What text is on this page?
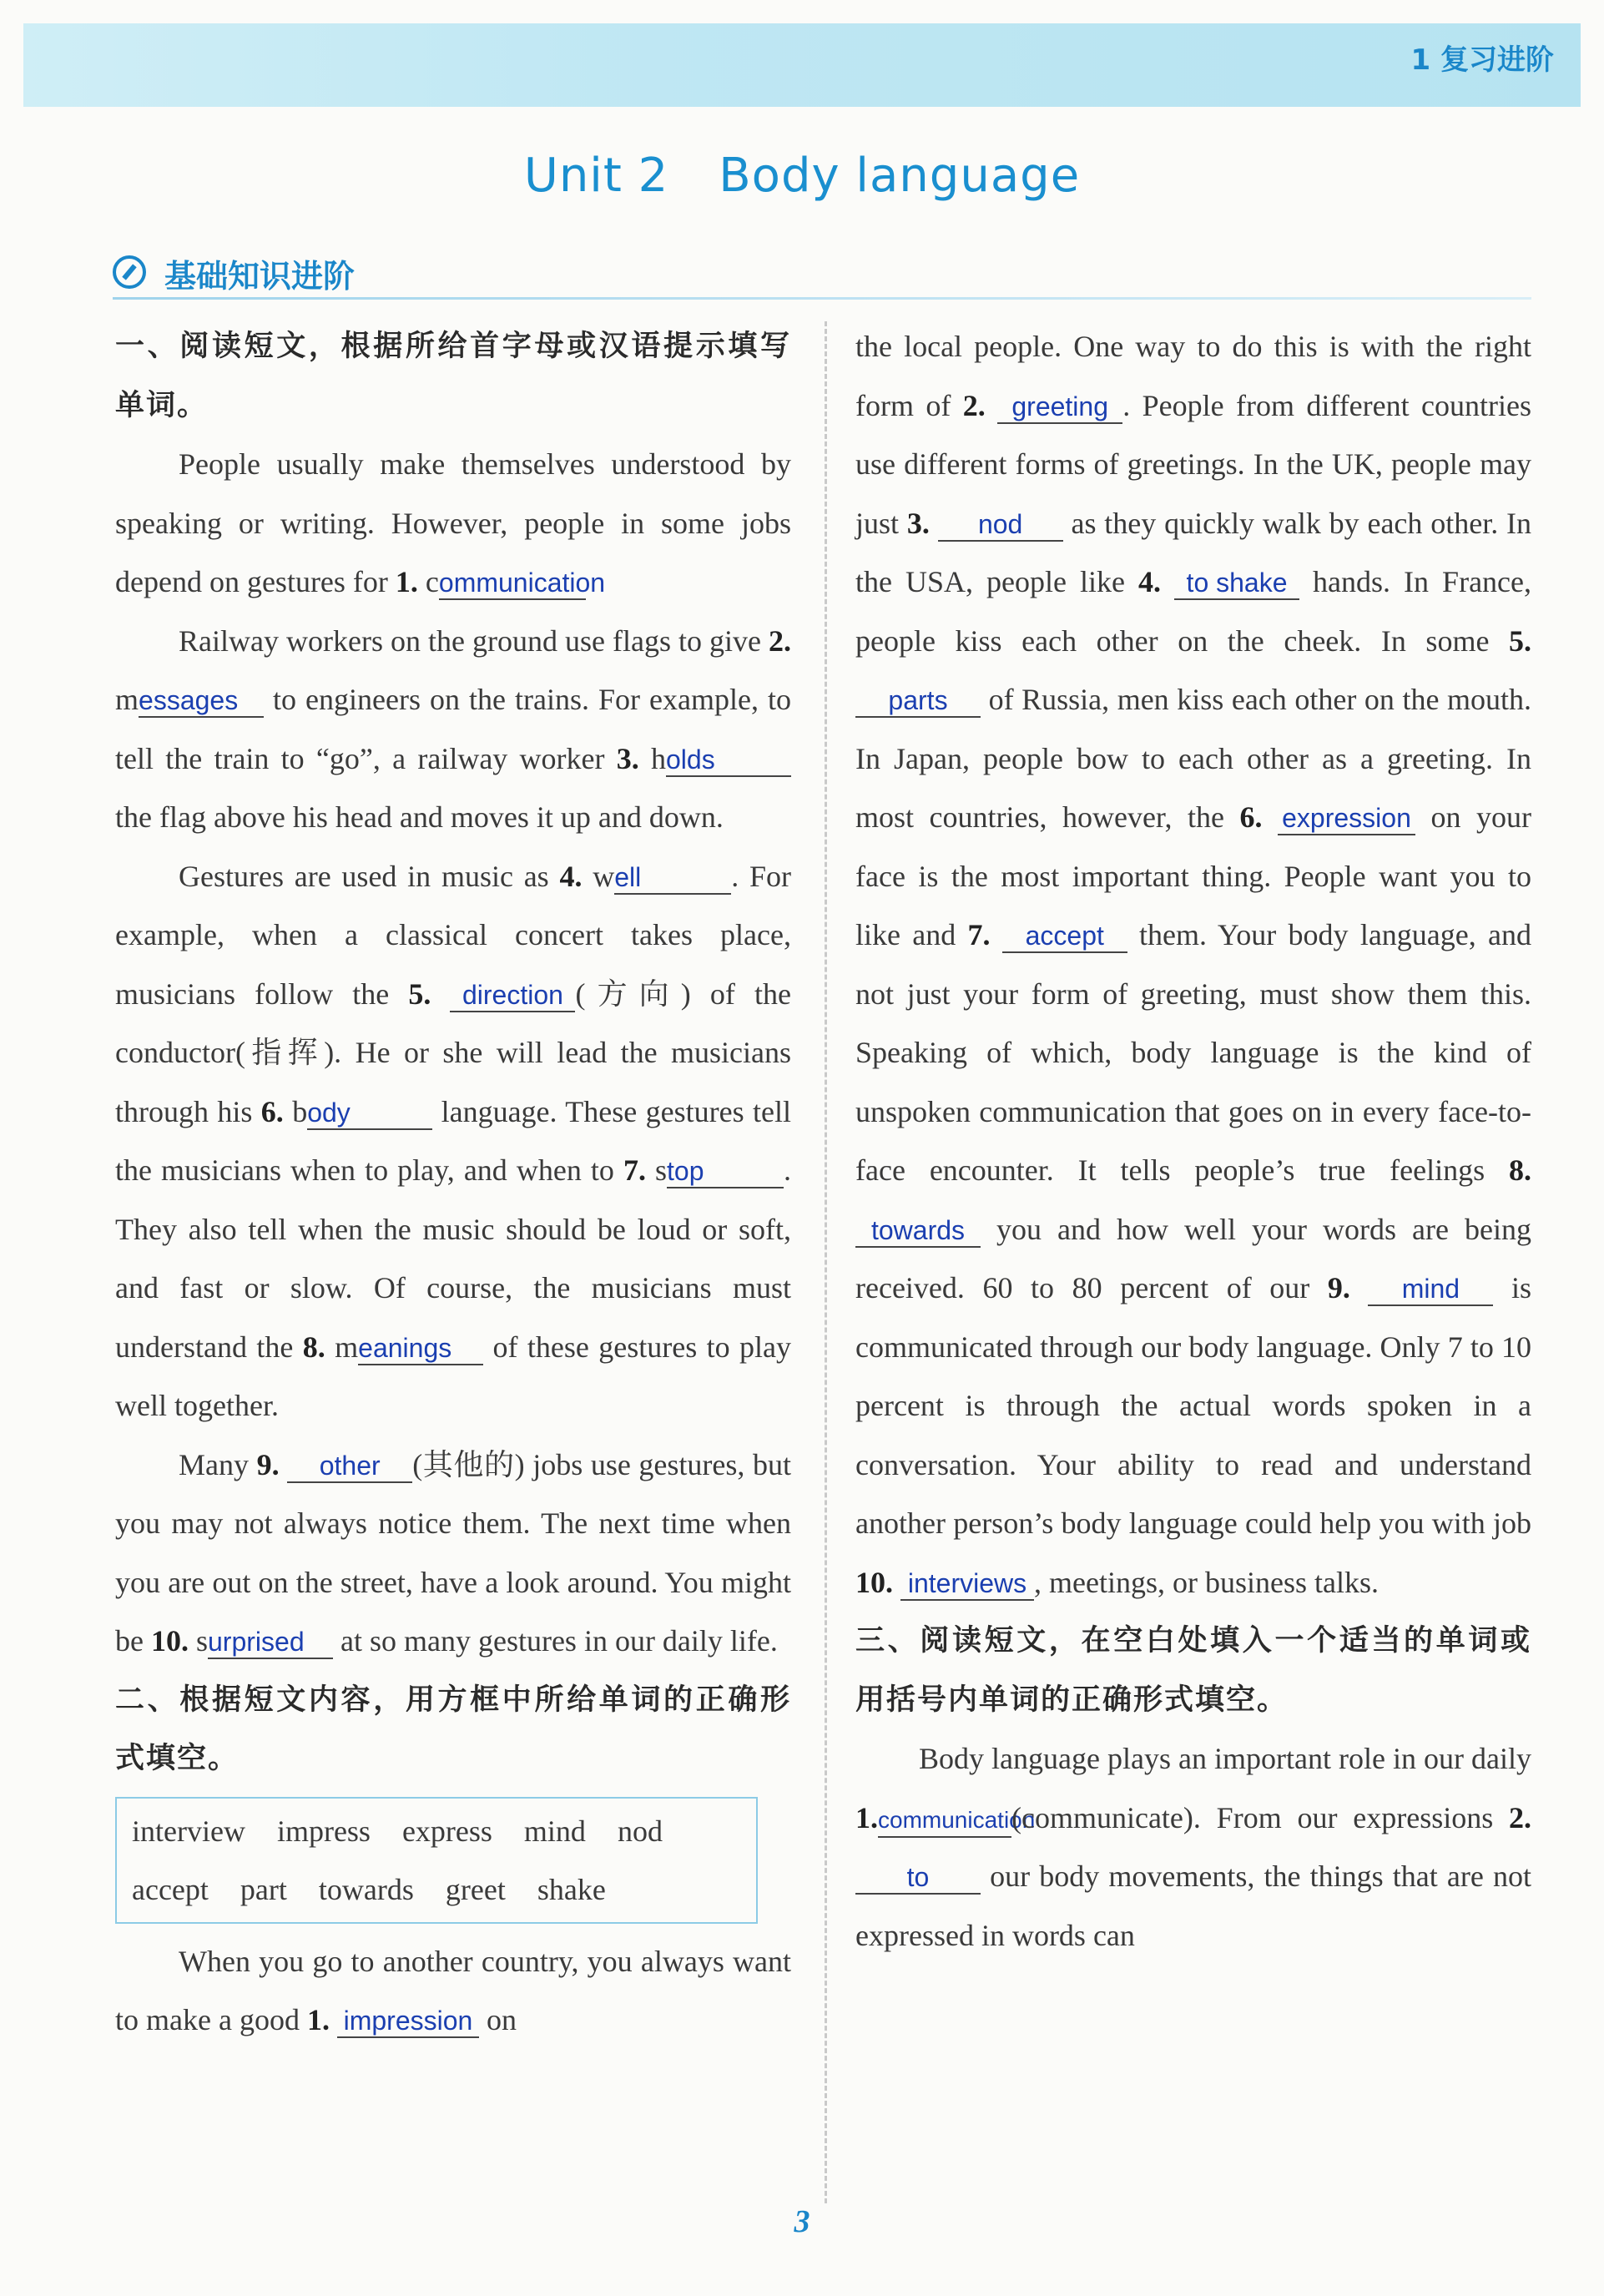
1 复习进阶
Unit 2 Body language
基础知识进阶
一、阅读短文，根据所给首字母或汉语提示填写单词。

People usually make themselves understood by speaking or writing. However, people in some jobs depend on gestures for 1. communication

Railway workers on the ground use flags to give 2. messages to engineers on the trains. For example, to tell the train to “go”, a railway worker 3. holds the flag above his head and moves it up and down.

Gestures are used in music as 4. well	. For example, when a classical concert takes place, musicians follow the 5. direction (方向) of the conductor(指挥). He or she will lead the musicians through his 6. body	language. These gestures tell the musicians when to play, and when to 7. stop	. They also tell when the music should be loud or soft, and fast or slow. Of course, the musicians must understand the 8. meanings of these gestures to play well together.

Many 9. other (其他的) jobs use gestures, but you may not always notice them. The next time when you are out on the street, have a look around. You might be 10. surprised at so many gestures in our daily life.

二、根据短文内容，用方框中所给单词的正确形式填空。
interview impress express mind nodaccept part towards greet shake

When you go to another country, you always want to make a good 1. impression on

the local people. One way to do this is with the right form of 2. greeting . People from different countries use different forms of greetings. In the UK, people may just 3. nod as they quickly walk by each other. In the USA, people like 4. to shake hands. In France, people kiss each other on the cheek. In some 5. parts of Russia, men kiss each other on the mouth. In Japan, people bow to each other as a greeting. In most countries, however, the 6. expression on your face is the most important thing. People want you to like and 7. accept them. Your body language, and not just your form of greeting, must show them this. Speaking of which, body language is the kind of unspoken communication that goes on in every face-to-face encounter. It tells people’s true feelings 8. towards you and how well your words are being received. 60 to 80 percent of our 9. mind is communicated through our body language. Only 7 to 10 percent is through the actual words spoken in a conversation. Your ability to read and understand another person’s body language could help you with job 10. interviews , meetings, or business talks.

三、阅读短文，在空白处填入一个适当的单词或用括号内单词的正确形式填空。

Body language plays an important role in our daily 1.communication(communicate). From our expressions 2. to our body movements, the things that are not expressed in words can

3
